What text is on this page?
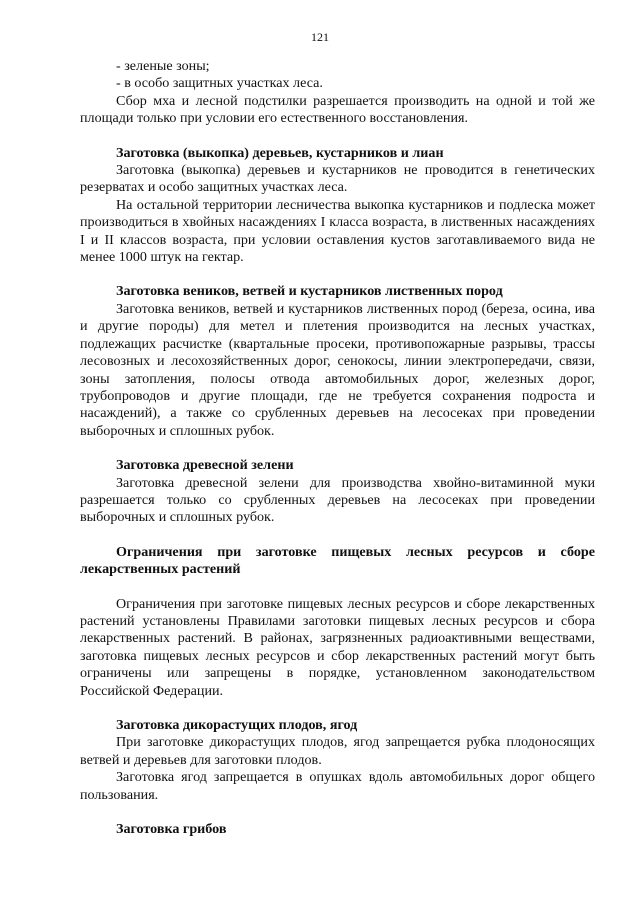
121

- зеленые зоны;

- в особо защитных участках леса.

Сбор мха и лесной подстилки разрешается производить на одной и той же площади только при условии его естественного восстановления.

Заготовка (выкопка) деревьев, кустарников и лиан

Заготовка (выкопка) деревьев и кустарников не проводится в генетических резерватах и особо защитных участках леса.

На остальной территории лесничества выкопка кустарников и подлеска может производиться в хвойных насаждениях I класса возраста, в лиственных насаждениях I и II классов возраста, при условии оставления кустов заготавливаемого вида не менее 1000 штук на гектар.

Заготовка веников, ветвей и кустарников лиственных пород

Заготовка веников, ветвей и кустарников лиственных пород (береза, осина, ива и другие породы) для метел и плетения производится на лесных участках, подлежащих расчистке (квартальные просеки, противопожарные разрывы, трассы лесовозных и лесохозяйственных дорог, сенокосы, линии электропередачи, связи, зоны затопления, полосы отвода автомобильных дорог, железных дорог, трубопроводов и другие площади, где не требуется сохранения подроста и насаждений), а также со срубленных деревьев на лесосеках при проведении выборочных и сплошных рубок.

Заготовка древесной зелени

Заготовка древесной зелени для производства хвойно-витаминной муки разрешается только со срубленных деревьев на лесосеках при проведении выборочных и сплошных рубок.

Ограничения при заготовке пищевых лесных ресурсов и сборе лекарственных растений

Ограничения при заготовке пищевых лесных ресурсов и сборе лекарственных растений установлены Правилами заготовки пищевых лесных ресурсов и сбора лекарственных растений. В районах, загрязненных радиоактивными веществами, заготовка пищевых лесных ресурсов и сбор лекарственных растений могут быть ограничены или запрещены в порядке, установленном законодательством Российской Федерации.

Заготовка дикорастущих плодов, ягод

При заготовке дикорастущих плодов, ягод запрещается рубка плодоносящих ветвей и деревьев для заготовки плодов.

Заготовка ягод запрещается в опушках вдоль автомобильных дорог общего пользования.

Заготовка грибов
